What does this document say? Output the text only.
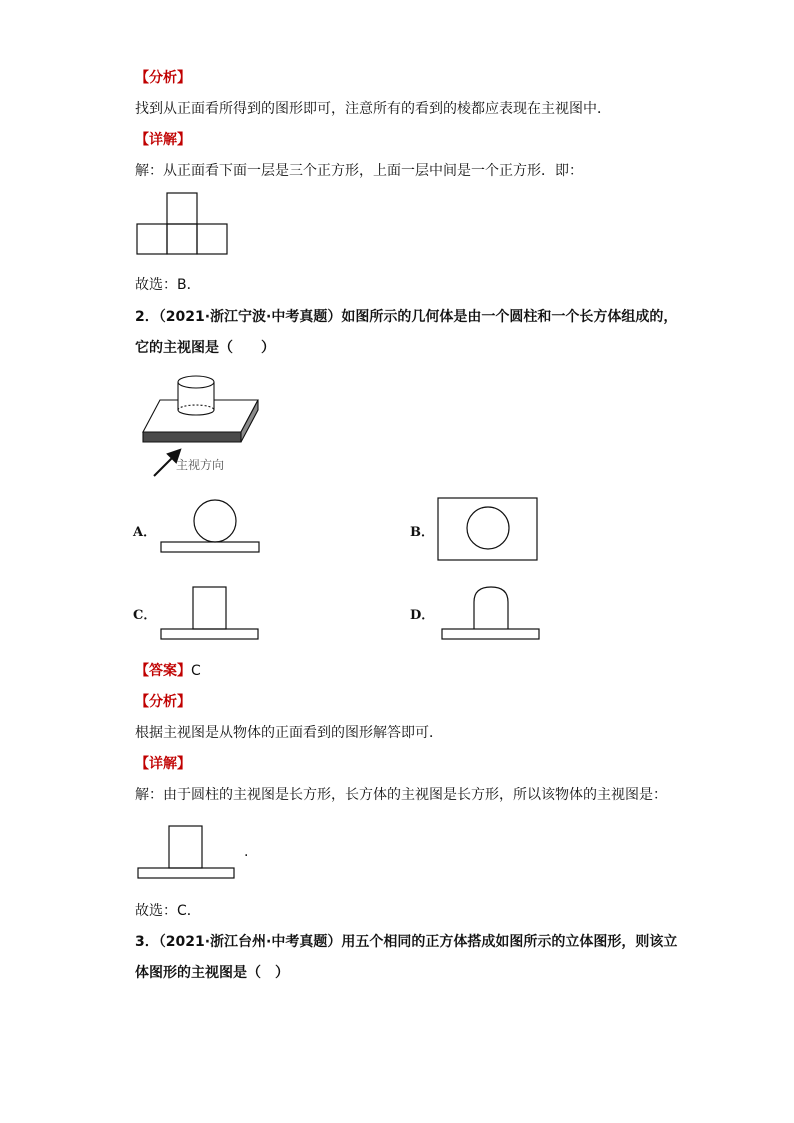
【分析】
找到从正面看所得到的图形即可，注意所有的看到的棱都应表现在主视图中．
【详解】
解：从正面看下面一层是三个正方形，上面一层中间是一个正方形．即：
故选：B．
2．（2021·浙江宁波·中考真题）如图所示的几何体是由一个圆柱和一个长方体组成的，
它的主视图是（　　）
主视方向
A．	B．
C．	D．
【答案】C
【分析】
根据主视图是从物体的正面看到的图形解答即可．
【详解】
解：由于圆柱的主视图是长方形，长方体的主视图是长方形，所以该物体的主视图是：
.
故选：C．
3．（2021·浙江台州·中考真题）用五个相同的正方体搭成如图所示的立体图形，则该立
体图形的主视图是（　）
